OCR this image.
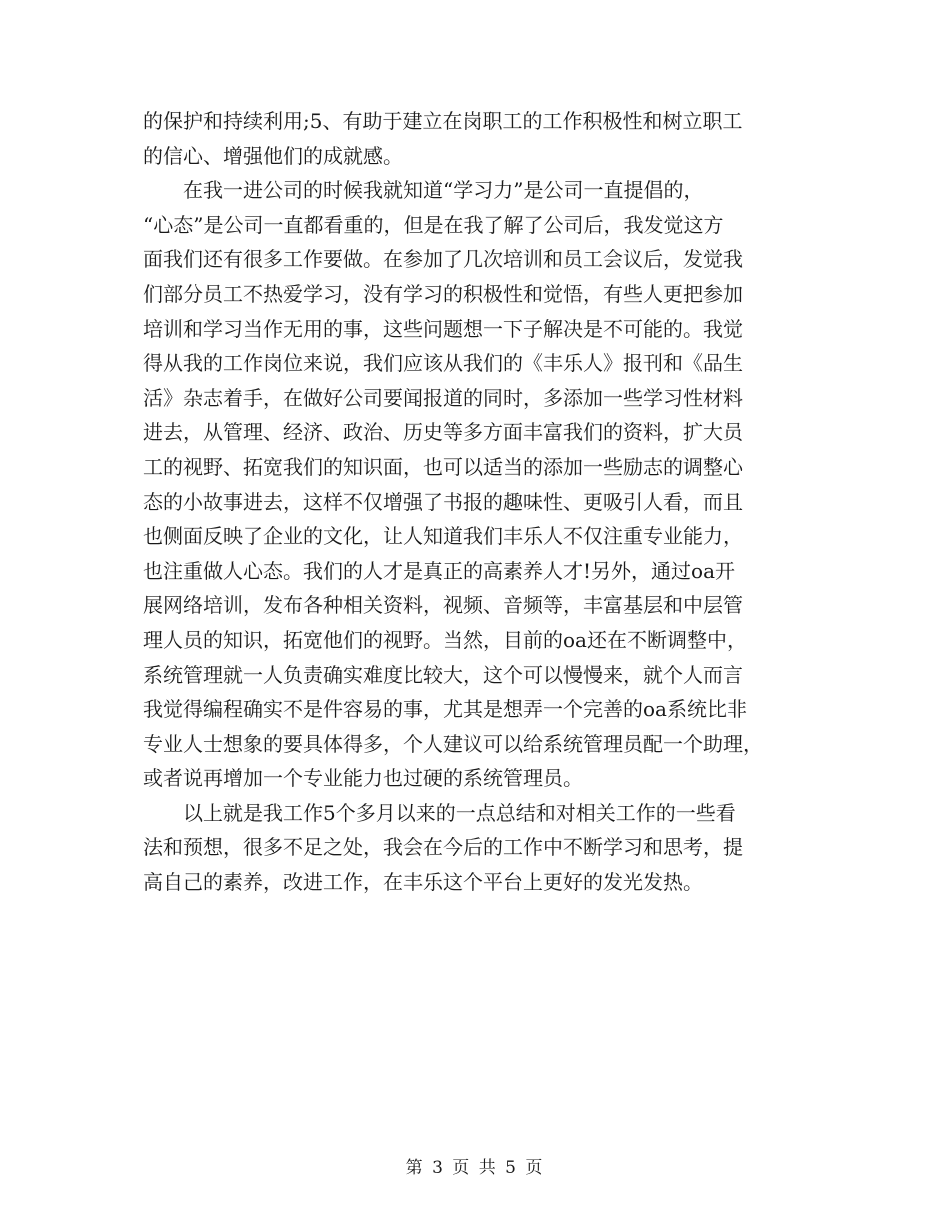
的保护和持续利用;5、有助于建立在岗职工的工作积极性和树立职工
的信心、增强他们的成就感。
　　在我一进公司的时候我就知道“学习力”是公司一直提倡的，
“心态”是公司一直都看重的，但是在我了解了公司后，我发觉这方
面我们还有很多工作要做。在参加了几次培训和员工会议后，发觉我
们部分员工不热爱学习，没有学习的积极性和觉悟，有些人更把参加
培训和学习当作无用的事，这些问题想一下子解决是不可能的。我觉
得从我的工作岗位来说，我们应该从我们的《丰乐人》报刊和《品生
活》杂志着手，在做好公司要闻报道的同时，多添加一些学习性材料
进去，从管理、经济、政治、历史等多方面丰富我们的资料，扩大员
工的视野、拓宽我们的知识面，也可以适当的添加一些励志的调整心
态的小故事进去，这样不仅增强了书报的趣味性、更吸引人看，而且
也侧面反映了企业的文化，让人知道我们丰乐人不仅注重专业能力，
也注重做人心态。我们的人才是真正的高素养人才!另外，通过oa开
展网络培训，发布各种相关资料，视频、音频等，丰富基层和中层管
理人员的知识，拓宽他们的视野。当然，目前的oa还在不断调整中，
系统管理就一人负责确实难度比较大，这个可以慢慢来，就个人而言
我觉得编程确实不是件容易的事，尤其是想弄一个完善的oa系统比非
专业人士想象的要具体得多，个人建议可以给系统管理员配一个助理，
或者说再增加一个专业能力也过硬的系统管理员。
　　以上就是我工作5个多月以来的一点总结和对相关工作的一些看
法和预想，很多不足之处，我会在今后的工作中不断学习和思考，提
高自己的素养，改进工作，在丰乐这个平台上更好的发光发热。
第 3 页 共 5 页
